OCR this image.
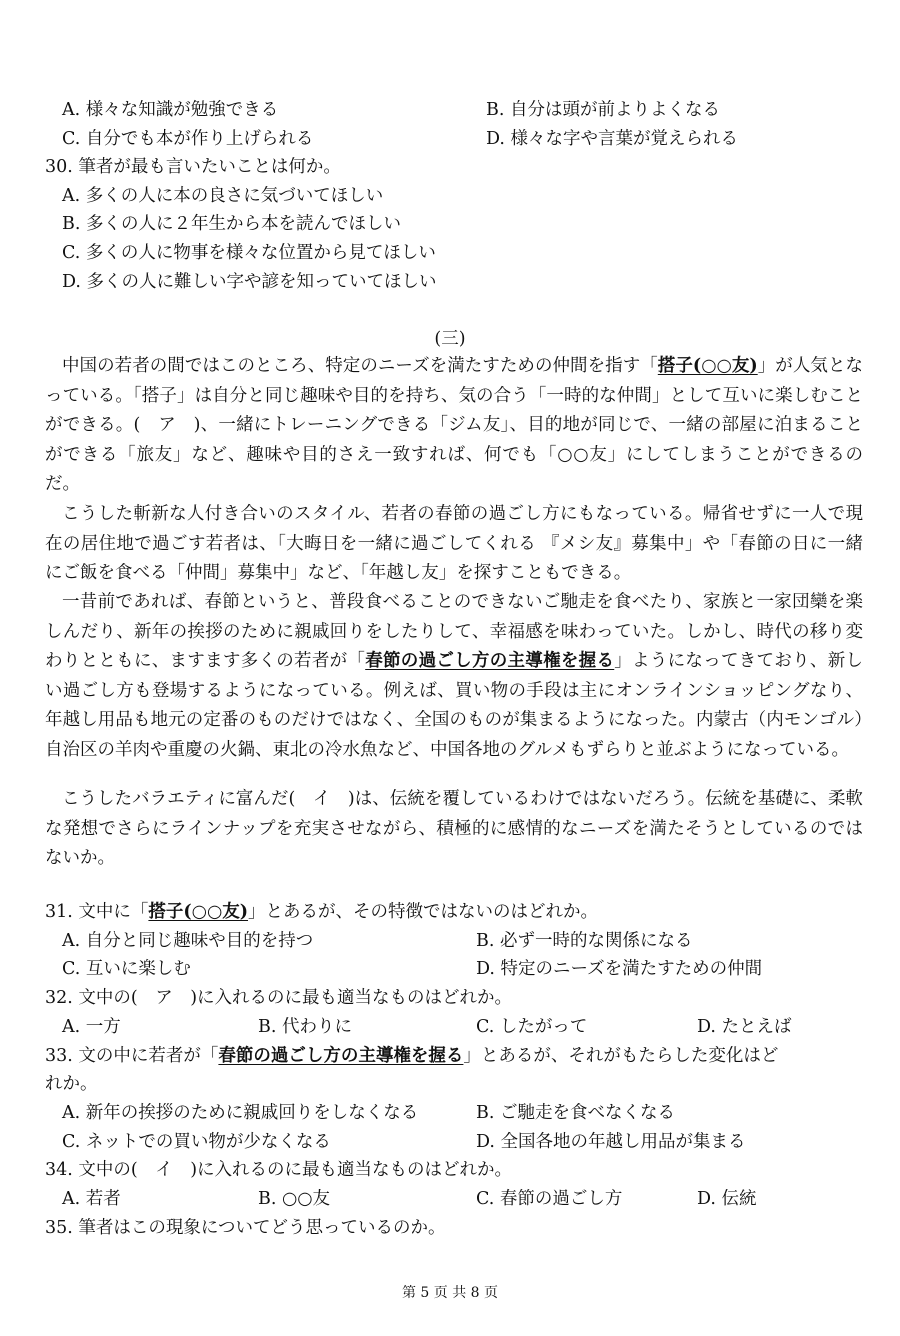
A. 様々な知識が勉強できる	B. 自分は頭が前よりよくなる
C. 自分でも本が作り上げられる	D. 様々な字や言葉が覚えられる
30. 筆者が最も言いたいことは何か。
A. 多くの人に本の良さに気づいてほしい
B. 多くの人に２年生から本を読んでほしい
C. 多くの人に物事を様々な位置から見てほしい
D. 多くの人に難しい字や諺を知っていてほしい
(三)

中国の若者の間ではこのところ、特定のニーズを満たすための仲間を指す「搭子(○○友)」が人気となっている。「搭子」は自分と同じ趣味や目的を持ち、気の合う「一時的な仲間」として互いに楽しむことができる。(　ア　)、一緒にトレーニングできる「ジム友」、目的地が同じで、一緒の部屋に泊まることができる「旅友」など、趣味や目的さえ一致すれば、何でも「○○友」にしてしまうことができるのだ。

こうした斬新な人付き合いのスタイル、若者の春節の過ごし方にもなっている。帰省せずに一人で現在の居住地で過ごす若者は、「大晦日を一緒に過ごしてくれる 『メシ友』募集中」や「春節の日に一緒にご飯を食べる「仲間」募集中」など、「年越し友」を探すこともできる。

一昔前であれば、春節というと、普段食べることのできないご馳走を食べたり、家族と一家団欒を楽しんだり、新年の挨拶のために親戚回りをしたりして、幸福感を味わっていた。しかし、時代の移り変わりとともに、ますます多くの若者が「春節の過ごし方の主導権を握る」ようになってきており、新しい過ごし方も登場するようになっている。例えば、買い物の手段は主にオンラインショッピングなり、年越し用品も地元の定番のものだけではなく、全国のものが集まるようになった。内蒙古（内モンゴル）自治区の羊肉や重慶の火鍋、東北の冷水魚など、中国各地のグルメもずらりと並ぶようになっている。

こうしたバラエティに富んだ(　イ　)は、伝統を覆しているわけではないだろう。伝統を基礎に、柔軟な発想でさらにラインナップを充実させながら、積極的に感情的なニーズを満たそうとしているのではないか。

31. 文中に「搭子(○○友)」とあるが、その特徴ではないのはどれか。
A. 自分と同じ趣味や目的を持つ	B. 必ず一時的な関係になる
C. 互いに楽しむ	D. 特定のニーズを満たすための仲間
32. 文中の(　ア　)に入れるのに最も適当なものはどれか。
A. 一方	B. 代わりに	C. したがって	D. たとえば
33. 文の中に若者が「春節の過ごし方の主導権を握る」とあるが、それがもたらした変化はど
れか。
A. 新年の挨拶のために親戚回りをしなくなる	B. ご馳走を食べなくなる
C. ネットでの買い物が少なくなる	D. 全国各地の年越し用品が集まる
34. 文中の(　イ　)に入れるのに最も適当なものはどれか。
A. 若者	B. ○○友	C. 春節の過ごし方	D. 伝統
35. 筆者はこの現象についてどう思っているのか。
第 5 页 共 8 页
